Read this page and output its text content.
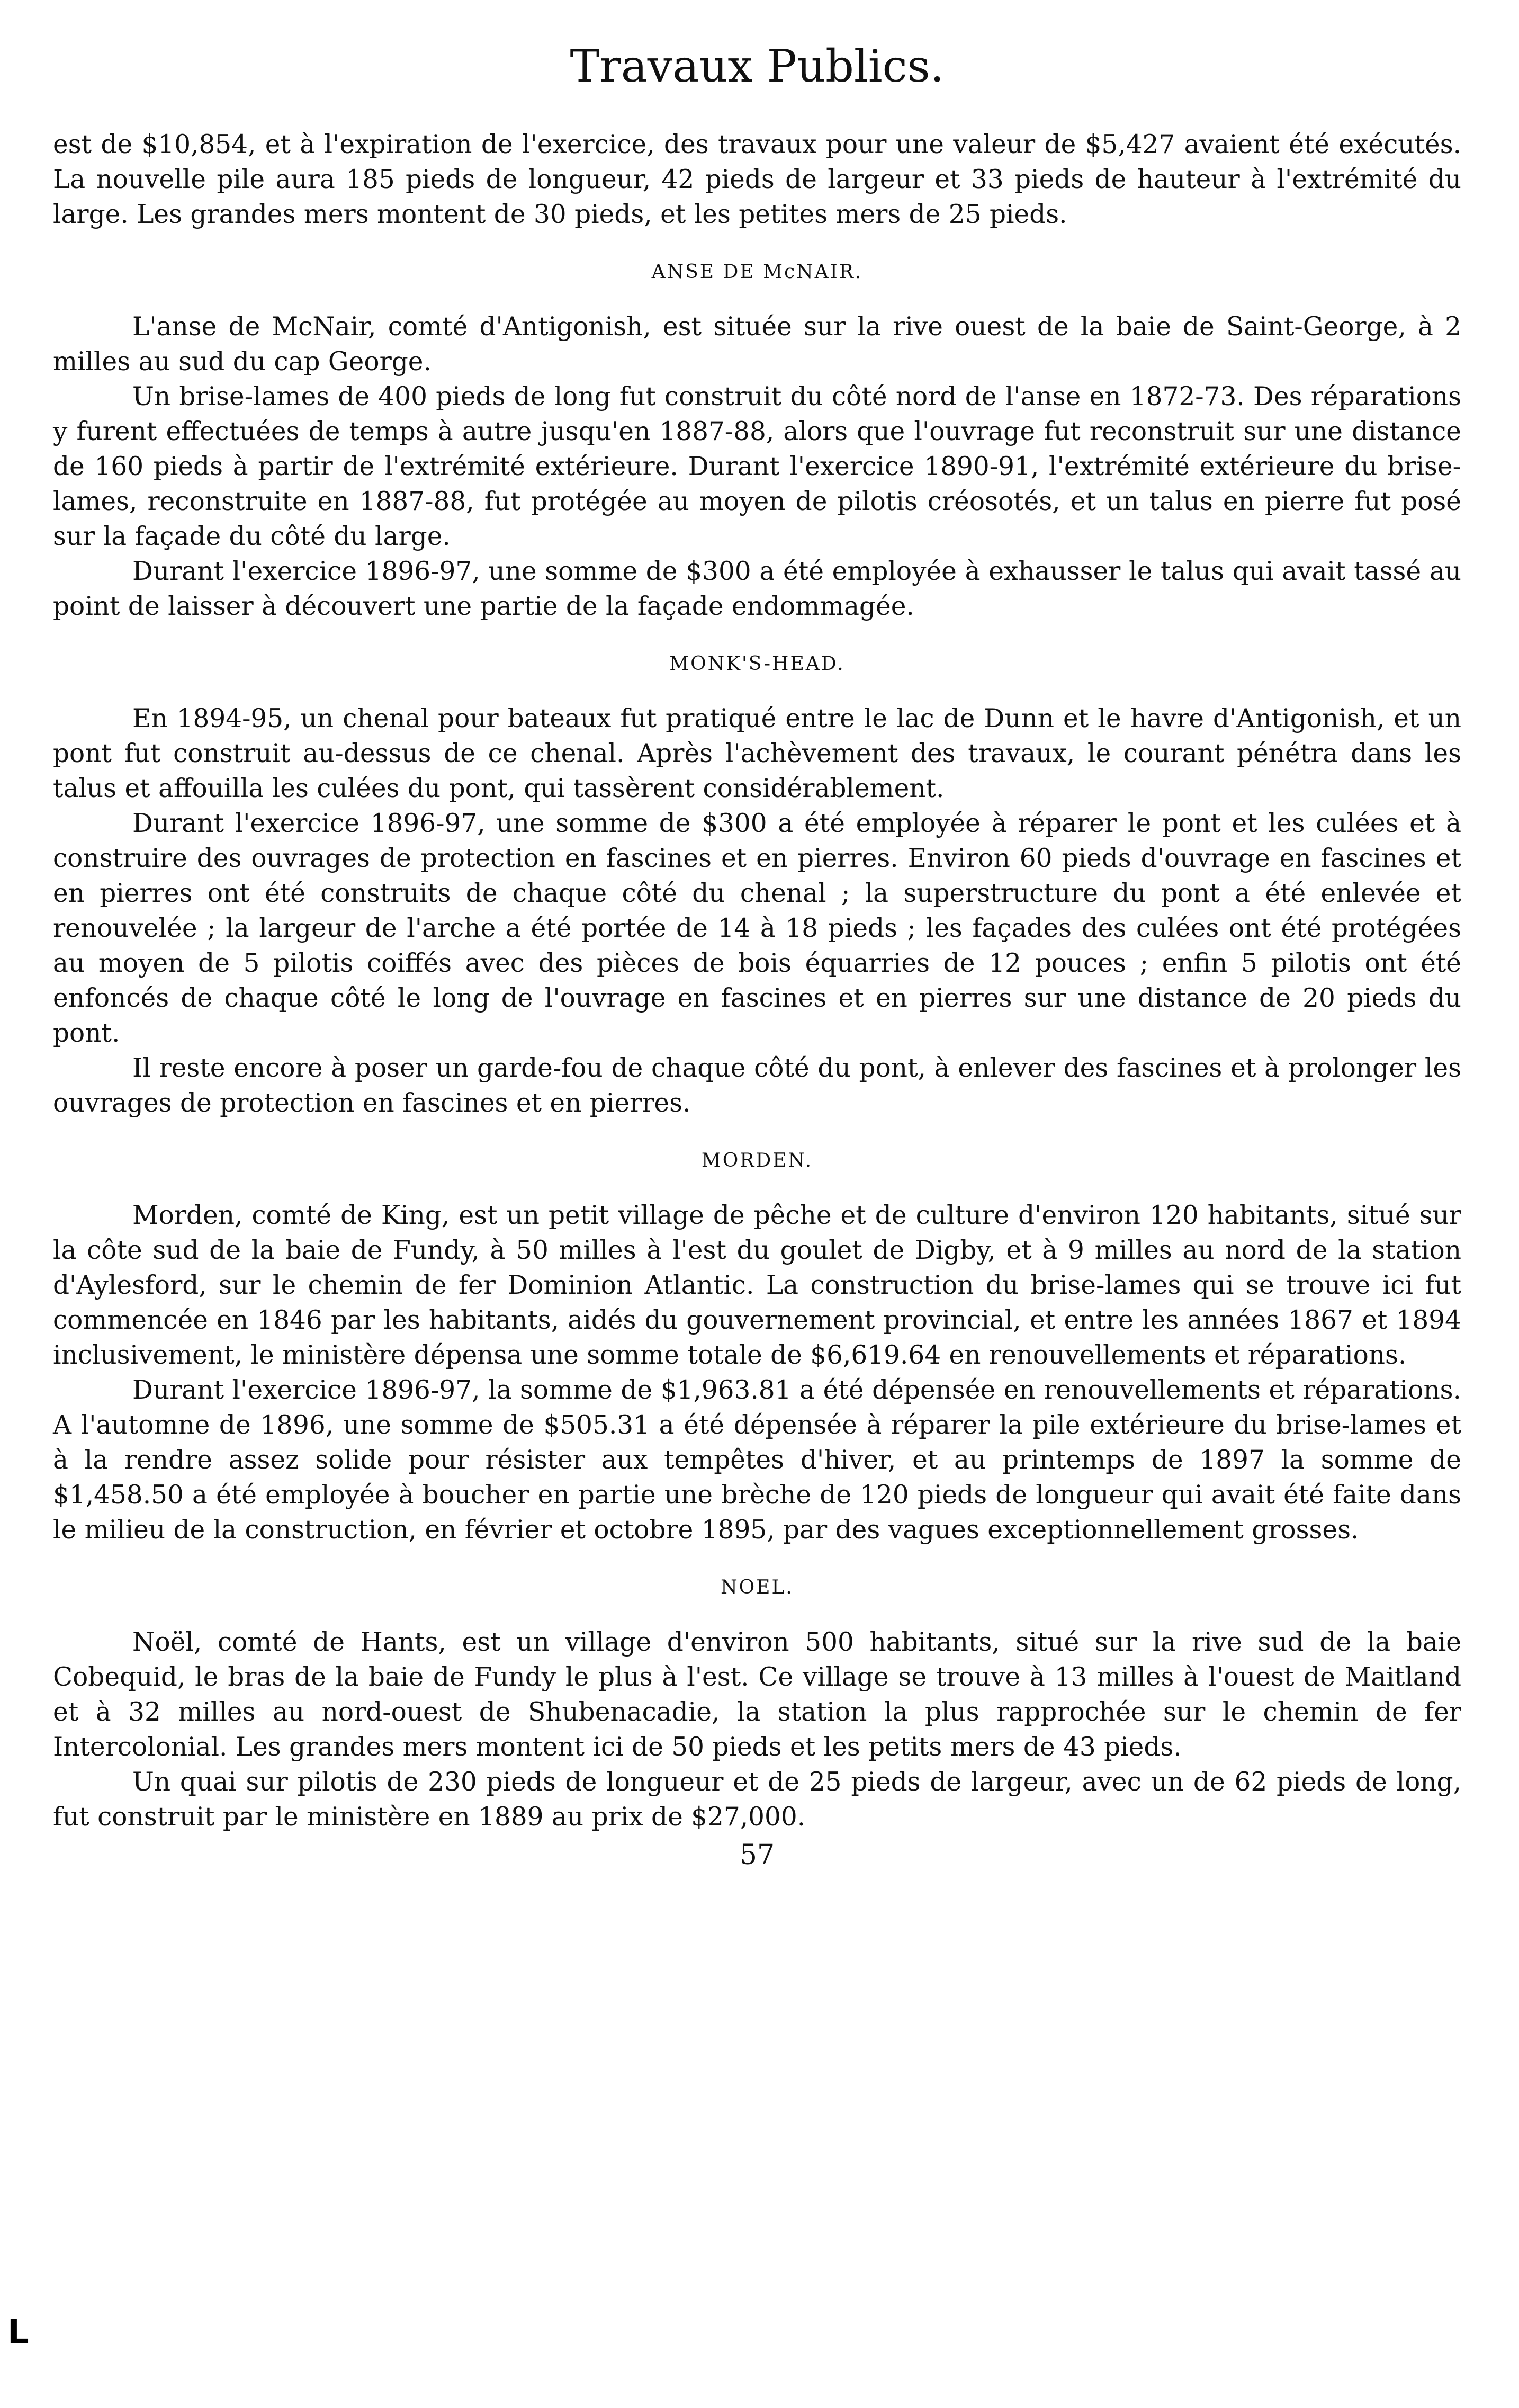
Travaux Publics.

est de $10,854, et à l'expiration de l'exercice, des travaux pour une valeur de $5,427 avaient été exécutés. La nouvelle pile aura 185 pieds de longueur, 42 pieds de largeur et 33 pieds de hauteur à l'extrémité du large. Les grandes mers montent de 30 pieds, et les petites mers de 25 pieds.

ANSE DE McNAIR.

L'anse de McNair, comté d'Antigonish, est située sur la rive ouest de la baie de Saint-George, à 2 milles au sud du cap George.

Un brise-lames de 400 pieds de long fut construit du côté nord de l'anse en 1872-73. Des réparations y furent effectuées de temps à autre jusqu'en 1887-88, alors que l'ouvrage fut reconstruit sur une distance de 160 pieds à partir de l'extrémité extérieure. Durant l'exercice 1890-91, l'extrémité extérieure du brise-lames, reconstruite en 1887-88, fut protégée au moyen de pilotis créosotés, et un talus en pierre fut posé sur la façade du côté du large.

Durant l'exercice 1896-97, une somme de $300 a été employée à exhausser le talus qui avait tassé au point de laisser à découvert une partie de la façade endommagée.

MONK'S-HEAD.

En 1894-95, un chenal pour bateaux fut pratiqué entre le lac de Dunn et le havre d'Antigonish, et un pont fut construit au-dessus de ce chenal. Après l'achèvement des travaux, le courant pénétra dans les talus et affouilla les culées du pont, qui tassèrent considérablement.

Durant l'exercice 1896-97, une somme de $300 a été employée à réparer le pont et les culées et à construire des ouvrages de protection en fascines et en pierres. Environ 60 pieds d'ouvrage en fascines et en pierres ont été construits de chaque côté du chenal ; la superstructure du pont a été enlevée et renouvelée ; la largeur de l'arche a été portée de 14 à 18 pieds ; les façades des culées ont été protégées au moyen de 5 pilotis coiffés avec des pièces de bois équarries de 12 pouces ; enfin 5 pilotis ont été enfoncés de chaque côté le long de l'ouvrage en fascines et en pierres sur une distance de 20 pieds du pont.

Il reste encore à poser un garde-fou de chaque côté du pont, à enlever des fascines et à prolonger les ouvrages de protection en fascines et en pierres.

MORDEN.

Morden, comté de King, est un petit village de pêche et de culture d'environ 120 habitants, situé sur la côte sud de la baie de Fundy, à 50 milles à l'est du goulet de Digby, et à 9 milles au nord de la station d'Aylesford, sur le chemin de fer Dominion Atlantic. La construction du brise-lames qui se trouve ici fut commencée en 1846 par les habitants, aidés du gouvernement provincial, et entre les années 1867 et 1894 inclusivement, le ministère dépensa une somme totale de $6,619.64 en renouvellements et réparations.

Durant l'exercice 1896-97, la somme de $1,963.81 a été dépensée en renouvellements et réparations. A l'automne de 1896, une somme de $505.31 a été dépensée à réparer la pile extérieure du brise-lames et à la rendre assez solide pour résister aux tempêtes d'hiver, et au printemps de 1897 la somme de $1,458.50 a été employée à boucher en partie une brèche de 120 pieds de longueur qui avait été faite dans le milieu de la construction, en février et octobre 1895, par des vagues exceptionnellement grosses.

NOEL.

Noël, comté de Hants, est un village d'environ 500 habitants, situé sur la rive sud de la baie Cobequid, le bras de la baie de Fundy le plus à l'est. Ce village se trouve à 13 milles à l'ouest de Maitland et à 32 milles au nord-ouest de Shubenacadie, la station la plus rapprochée sur le chemin de fer Intercolonial. Les grandes mers montent ici de 50 pieds et les petits mers de 43 pieds.

Un quai sur pilotis de 230 pieds de longueur et de 25 pieds de largeur, avec un de 62 pieds de long, fut construit par le ministère en 1889 au prix de $27,000.

57
L
